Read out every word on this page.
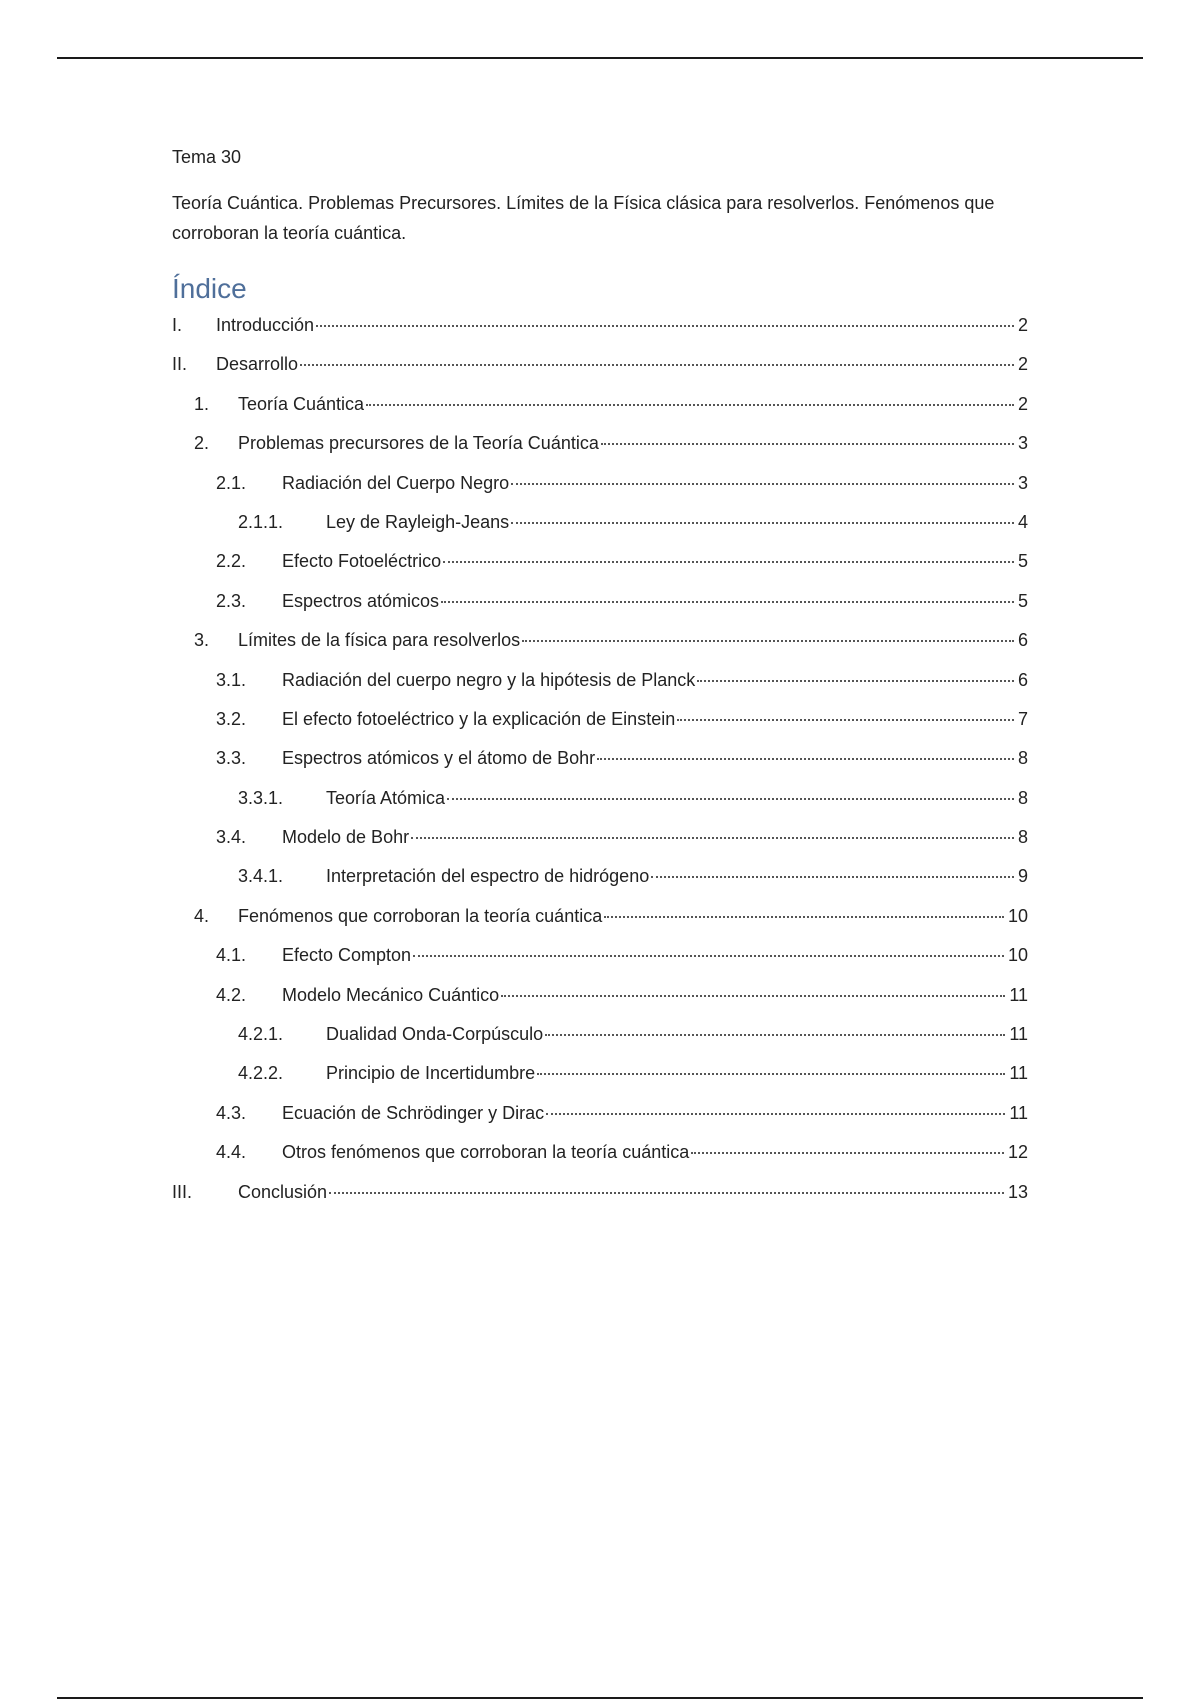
Tema 30
Teoría Cuántica. Problemas Precursores. Límites de la Física clásica para resolverlos. Fenómenos que corroboran la teoría cuántica.
Índice
I.	Introducción	2
II.	Desarrollo	2
1.	Teoría Cuántica	2
2.	Problemas precursores de la Teoría Cuántica	3
2.1.	Radiación del Cuerpo Negro	3
2.1.1.	Ley de Rayleigh-Jeans	4
2.2.	Efecto Fotoeléctrico	5
2.3.	Espectros atómicos	5
3.	Límites de la física para resolverlos	6
3.1.	Radiación del cuerpo negro y la hipótesis de Planck	6
3.2.	El efecto fotoeléctrico y la explicación de Einstein	7
3.3.	Espectros atómicos y el átomo de Bohr	8
3.3.1.	Teoría Atómica	8
3.4.	Modelo de Bohr	8
3.4.1.	Interpretación del espectro de hidrógeno	9
4.	Fenómenos que corroboran la teoría cuántica	10
4.1.	Efecto Compton	10
4.2.	Modelo Mecánico Cuántico	11
4.2.1.	Dualidad Onda-Corpúsculo	11
4.2.2.	Principio de Incertidumbre	11
4.3.	Ecuación de Schrödinger y Dirac	11
4.4.	Otros fenómenos que corroboran la teoría cuántica	12
III.	Conclusión	13
